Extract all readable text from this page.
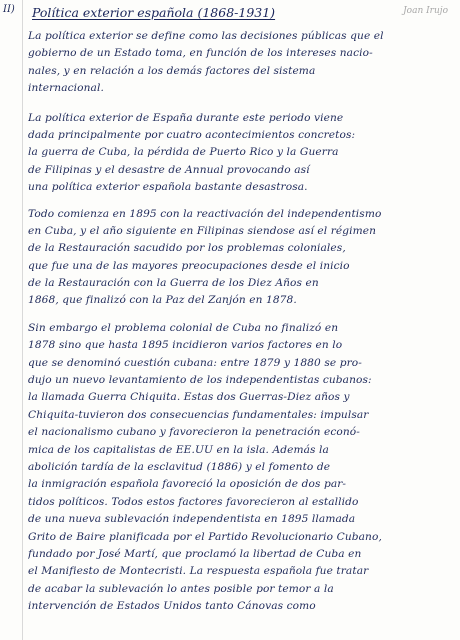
II)	Joan Irujo
Política exterior española (1868-1931)
La política exterior se define como las decisiones públicas que el
gobierno de un Estado toma, en función de los intereses nacio-
nales, y en relación a los demás factores del sistema
internacional.
La política exterior de España durante este periodo viene
dada principalmente por cuatro acontecimientos concretos:
la guerra de Cuba, la pérdida de Puerto Rico y la Guerra
de Filipinas y el desastre de Annual provocando así
una política exterior española bastante desastrosa.
Todo comienza en 1895 con la reactivación del independentismo
en Cuba, y el año siguiente en Filipinas siendose así el régimen
de la Restauración sacudido por los problemas coloniales,
que fue una de las mayores preocupaciones desde el inicio
de la Restauración con la Guerra de los Diez Años en
1868, que finalizó con la Paz del Zanjón en 1878.
Sin embargo el problema colonial de Cuba no finalizó en
1878 sino que hasta 1895 incidieron varios factores en lo
que se denominó cuestión cubana: entre 1879 y 1880 se pro-
dujo un nuevo levantamiento de los independentistas cubanos:
la llamada Guerra Chiquita. Estas dos Guerras-Diez años y
Chiquita-tuvieron dos consecuencias fundamentales: impulsar
el nacionalismo cubano y favorecieron la penetración econó-
mica de los capitalistas de EE.UU en la isla. Además la
abolición tardía de la esclavitud (1886) y el fomento de
la inmigración española favoreció la oposición de dos par-
tidos políticos. Todos estos factores favorecieron al estallido
de una nueva sublevación independentista en 1895 llamada
Grito de Baire planificada por el Partido Revolucionario Cubano,
fundado por José Martí, que proclamó la libertad de Cuba en
el Manifiesto de Montecristi. La respuesta española fue tratar
de acabar la sublevación lo antes posible por temor a la
intervención de Estados Unidos tanto Cánovas como
